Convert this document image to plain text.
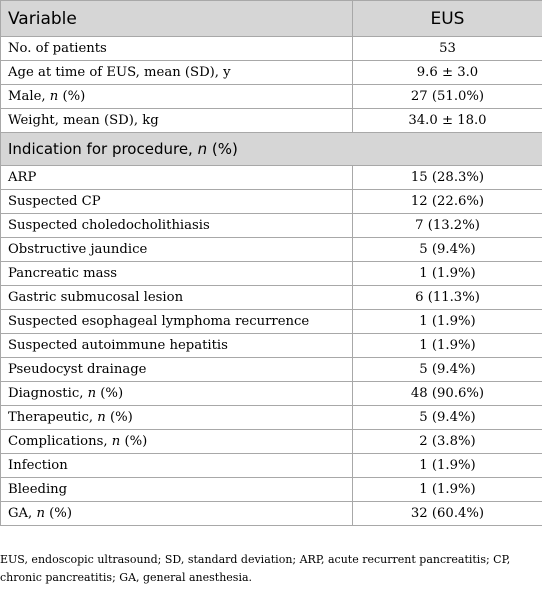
Variable	EUS
No. of patients	53
Age at time of EUS, mean (SD), y	9.6 ± 3.0
Male, n (%)	27 (51.0%)
Weight, mean (SD), kg	34.0 ± 18.0
Indication for procedure, n (%)	
ARP	15 (28.3%)
Suspected CP	12 (22.6%)
Suspected choledocholithiasis	7 (13.2%)
Obstructive jaundice	5 (9.4%)
Pancreatic mass	1 (1.9%)
Gastric submucosal lesion	6 (11.3%)
Suspected esophageal lymphoma recurrence	1 (1.9%)
Suspected autoimmune hepatitis	1 (1.9%)
Pseudocyst drainage	5 (9.4%)
Diagnostic, n (%)	48 (90.6%)
Therapeutic, n (%)	5 (9.4%)
Complications, n (%)	2 (3.8%)
Infection	1 (1.9%)
Bleeding	1 (1.9%)
GA, n (%)	32 (60.4%)
EUS, endoscopic ultrasound; SD, standard deviation; ARP, acute recurrent pancreatitis; CP,
chronic pancreatitis; GA, general anesthesia.
